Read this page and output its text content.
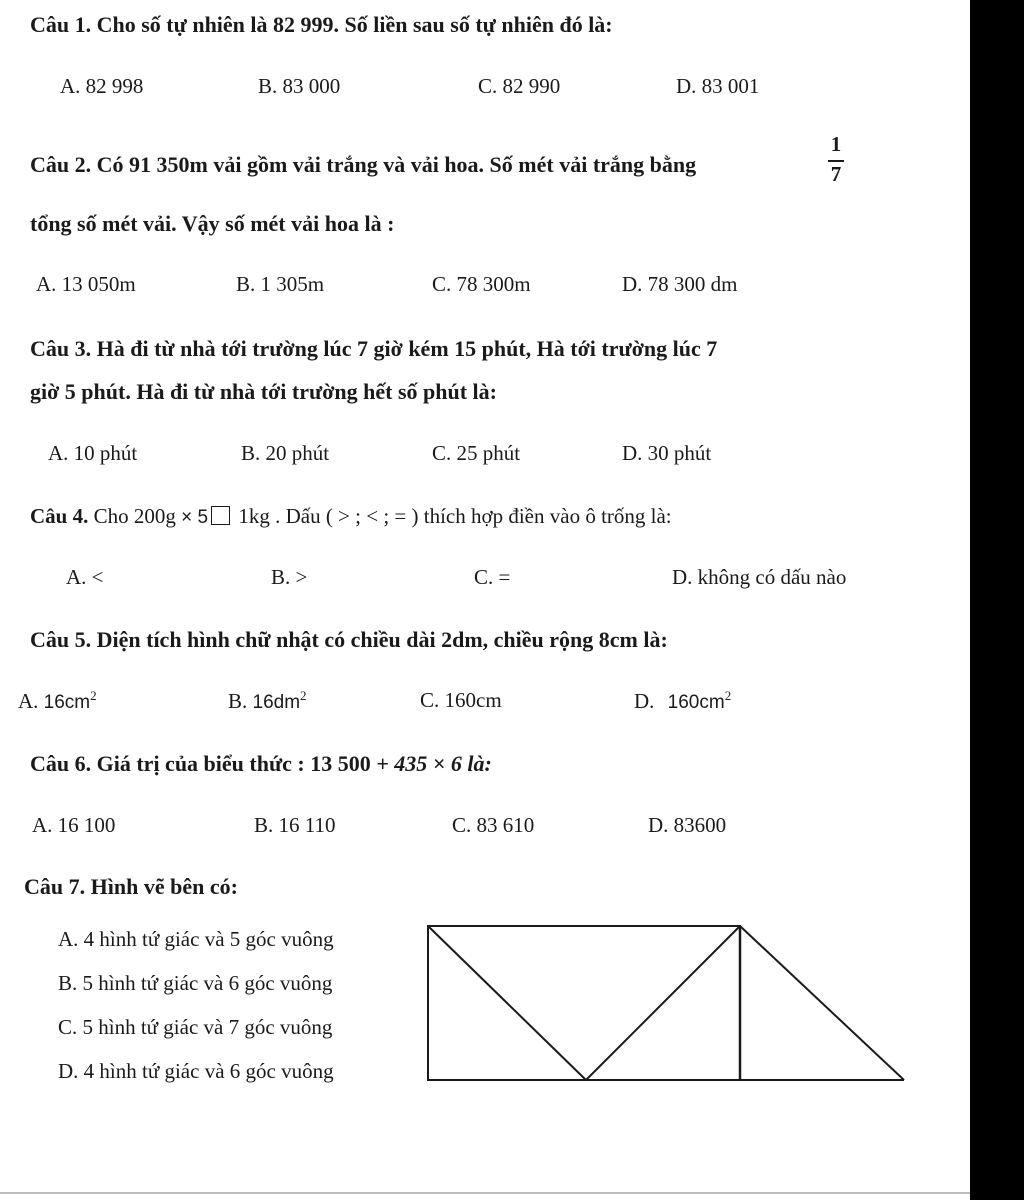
Câu 1. Cho số tự nhiên là 82 999. Số liền sau số tự nhiên đó là:
A. 82 998	B. 83 000	C. 82 990	D. 83 001
Câu 2. Có 91 350m vải gồm vải trắng và vải hoa. Số mét vải trắng bằng
1
7
tổng số mét vải. Vậy số mét vải hoa là :
A. 13 050m	B. 1 305m	C. 78 300m	D. 78 300 dm
Câu 3. Hà đi từ nhà tới trường lúc 7 giờ kém 15 phút, Hà tới trường lúc 7
giờ 5 phút. Hà đi từ nhà tới trường hết số phút là:
A. 10 phút	B. 20 phút	C. 25 phút	D. 30 phút
Câu 4. Cho 200g × 5 1kg . Dấu ( > ; < ; = ) thích hợp điền vào ô trống là:
A. <	B. >	C. =	D. không có dấu nào
Câu 5. Diện tích hình chữ nhật có chiều dài 2dm, chiều rộng 8cm là:
A. $16cm^2$	B. $16dm^2$	C. 160cm	D. $160cm^2$
Câu 6. Giá trị của biểu thức : 13 500 + 435 × 6 là:
A. 16 100	B. 16 110	C. 83 610	D. 83600
Câu 7. Hình vẽ bên có:
A. 4 hình tứ giác và 5 góc vuông
B. 5 hình tứ giác và 6 góc vuông
C. 5 hình tứ giác và 7 góc vuông
D. 4 hình tứ giác và 6 góc vuông
